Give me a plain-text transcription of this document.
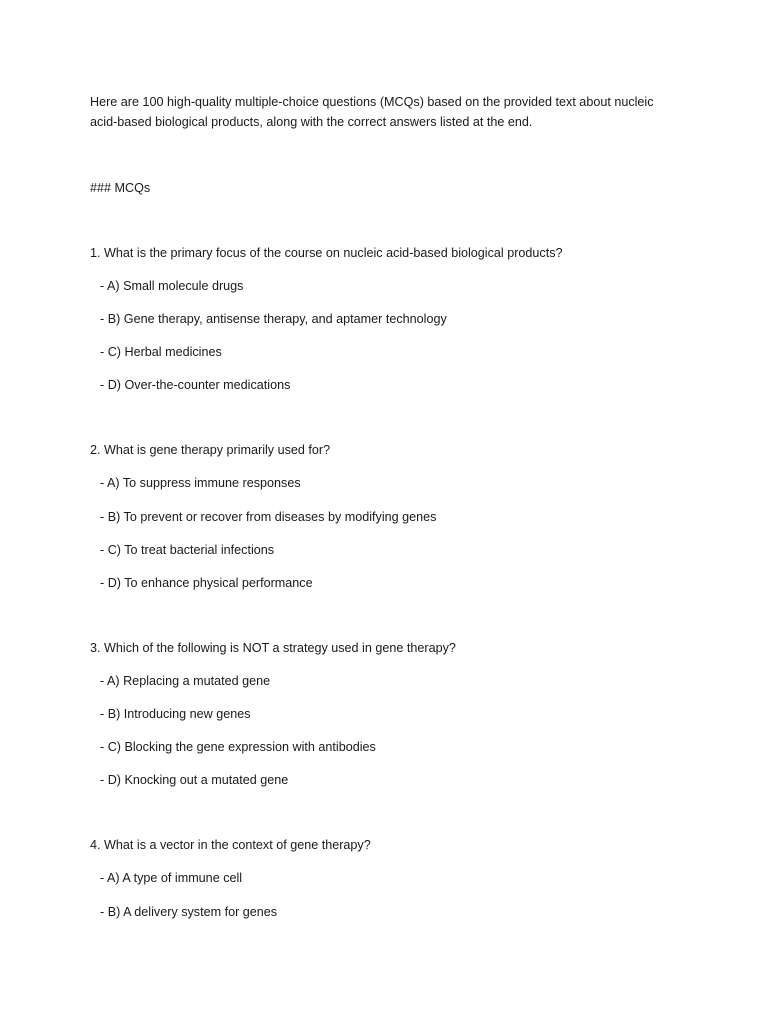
Here are 100 high-quality multiple-choice questions (MCQs) based on the provided text about nucleic
acid-based biological products, along with the correct answers listed at the end.
### MCQs
1. What is the primary focus of the course on nucleic acid-based biological products?
- A) Small molecule drugs
- B) Gene therapy, antisense therapy, and aptamer technology
- C) Herbal medicines
- D) Over-the-counter medications
2. What is gene therapy primarily used for?
- A) To suppress immune responses
- B) To prevent or recover from diseases by modifying genes
- C) To treat bacterial infections
- D) To enhance physical performance
3. Which of the following is NOT a strategy used in gene therapy?
- A) Replacing a mutated gene
- B) Introducing new genes
- C) Blocking the gene expression with antibodies
- D) Knocking out a mutated gene
4. What is a vector in the context of gene therapy?
- A) A type of immune cell
- B) A delivery system for genes
